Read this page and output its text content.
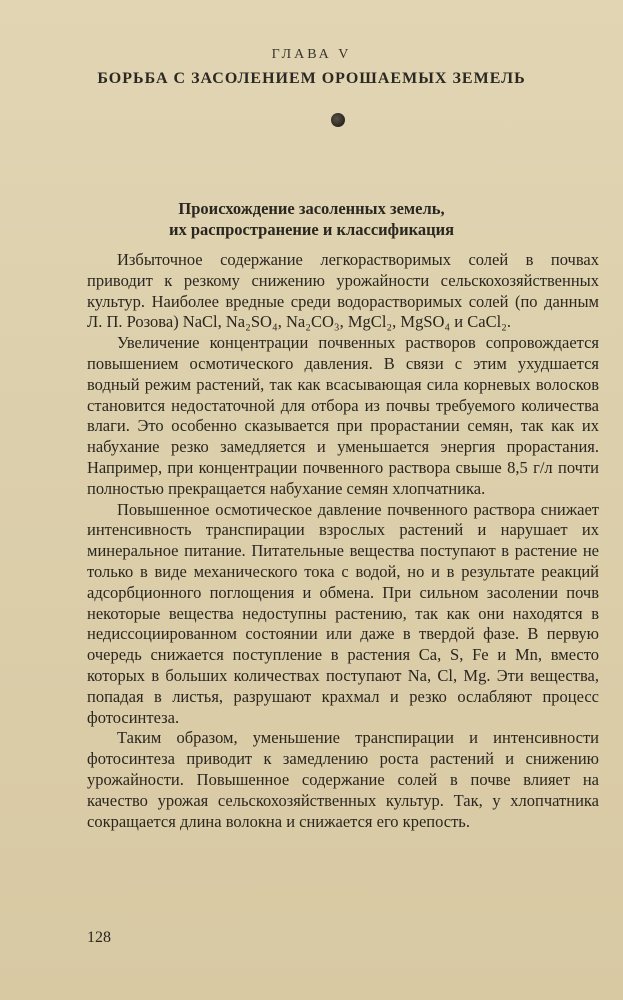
ГЛАВА V
БОРЬБА С ЗАСОЛЕНИЕМ ОРОШАЕМЫХ ЗЕМЕЛЬ
Происхождение засоленных земель,
их распространение и классификация

Избыточное содержание легкорастворимых солей в почвах приводит к резкому снижению урожайности сельскохозяйственных культур. Наиболее вредные среди водорастворимых солей (по данным Л. П. Розова) NaCl, Na₂SO₄, Na₂CO₃, MgCl₂, MgSO₄ и CaCl₂.

Увеличение концентрации почвенных растворов сопровождается повышением осмотического давления. В связи с этим ухудшается водный режим растений, так как всасывающая сила корневых волосков становится недостаточной для отбора из почвы требуемого количества влаги. Это особенно сказывается при прорастании семян, так как их набухание резко замедляется и уменьшается энергия прорастания. Например, при концентрации почвенного раствора свыше 8,5 г/л почти полностью прекращается набухание семян хлопчатника.

Повышенное осмотическое давление почвенного раствора снижает интенсивность транспирации взрослых растений и нарушает их минеральное питание. Питательные вещества поступают в растение не только в виде механического тока с водой, но и в результате реакций адсорбционного поглощения и обмена. При сильном засолении почв некоторые вещества недоступны растению, так как они находятся в недиссоциированном состоянии или даже в твердой фазе. В первую очередь снижается поступление в растения Ca, S, Fe и Mn, вместо которых в больших количествах поступают Na, Cl, Mg. Эти вещества, попадая в листья, разрушают крахмал и резко ослабляют процесс фотосинтеза.

Таким образом, уменьшение транспирации и интенсивности фотосинтеза приводит к замедлению роста растений и снижению урожайности. Повышенное содержание солей в почве влияет на качество урожая сельскохозяйственных культур. Так, у хлопчатника сокращается длина волокна и снижается его крепость.

128
